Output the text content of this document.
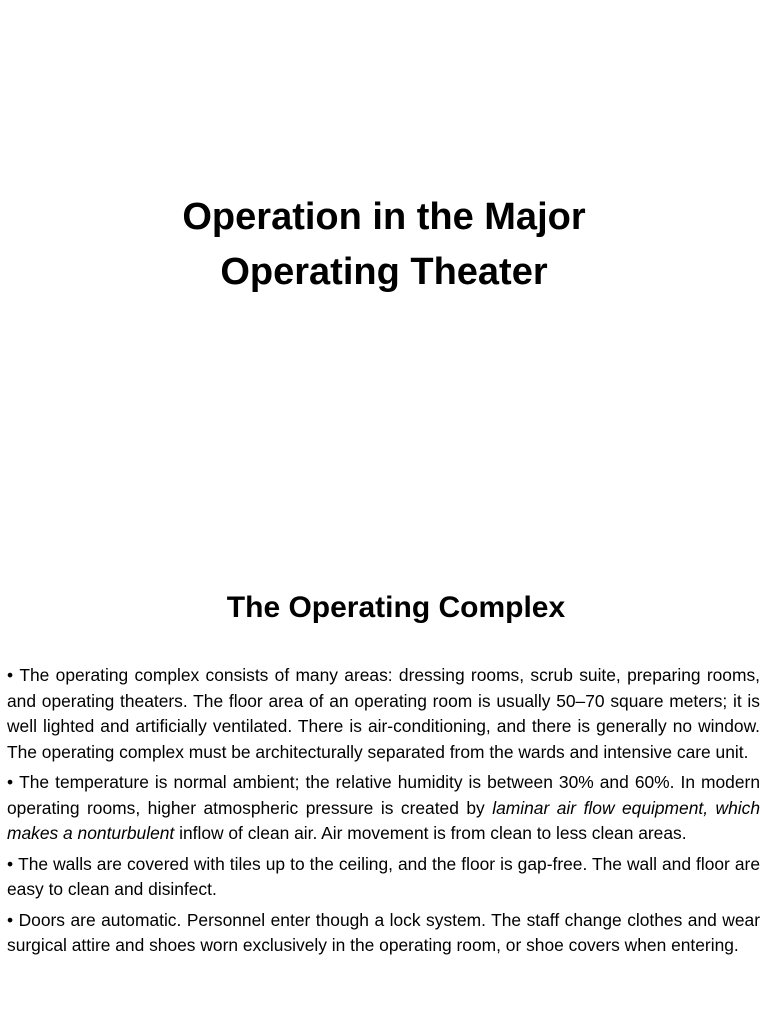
Operation in the Major
Operating Theater
The Operating Complex

• The operating complex consists of many areas: dressing rooms, scrub suite, preparing rooms, and operating theaters. The floor area of an operating room is usually 50–70 square meters; it is well lighted and artificially ventilated. There is air-conditioning, and there is generally no window. The operating complex must be architecturally separated from the wards and intensive care unit.

• The temperature is normal ambient; the relative humidity is between 30% and 60%. In modern operating rooms, higher atmospheric pressure is created by laminar air flow equipment, which makes a nonturbulent inflow of clean air. Air movement is from clean to less clean areas.

• The walls are covered with tiles up to the ceiling, and the floor is gap-free. The wall and floor are easy to clean and disinfect.

• Doors are automatic. Personnel enter though a lock system. The staff change clothes and wear surgical attire and shoes worn exclusively in the operating room, or shoe covers when entering.
